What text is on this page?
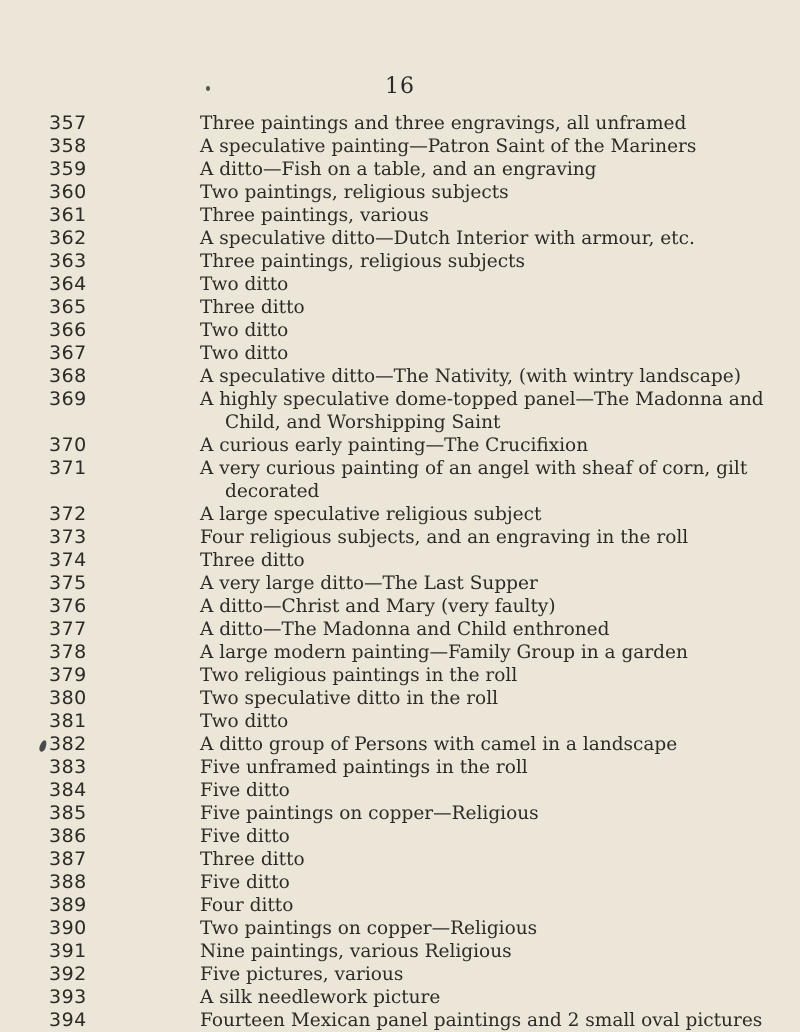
16
357	Three paintings and three engravings, all unframed
358	A speculative painting—Patron Saint of the Mariners
359	A ditto—Fish on a table, and an engraving
360	Two paintings, religious subjects
361	Three paintings, various
362	A speculative ditto—Dutch Interior with armour, etc.
363	Three paintings, religious subjects
364	Two ditto
365	Three ditto
366	Two ditto
367	Two ditto
368	A speculative ditto—The Nativity, (with wintry landscape)
369	A highly speculative dome-topped panel—The Madonna and Child, and Worshipping Saint
370	A curious early painting—The Crucifixion
371	A very curious painting of an angel with sheaf of corn, gilt decorated
372	A large speculative religious subject
373	Four religious subjects, and an engraving in the roll
374	Three ditto
375	A very large ditto—The Last Supper
376	A ditto—Christ and Mary (very faulty)
377	A ditto—The Madonna and Child enthroned
378	A large modern painting—Family Group in a garden
379	Two religious paintings in the roll
380	Two speculative ditto in the roll
381	Two ditto
382	A ditto group of Persons with camel in a landscape
383	Five unframed paintings in the roll
384	Five ditto
385	Five paintings on copper—Religious
386	Five ditto
387	Three ditto
388	Five ditto
389	Four ditto
390	Two paintings on copper—Religious
391	Nine paintings, various Religious
392	Five pictures, various
393	A silk needlework picture
394	Fourteen Mexican panel paintings and 2 small oval pictures
